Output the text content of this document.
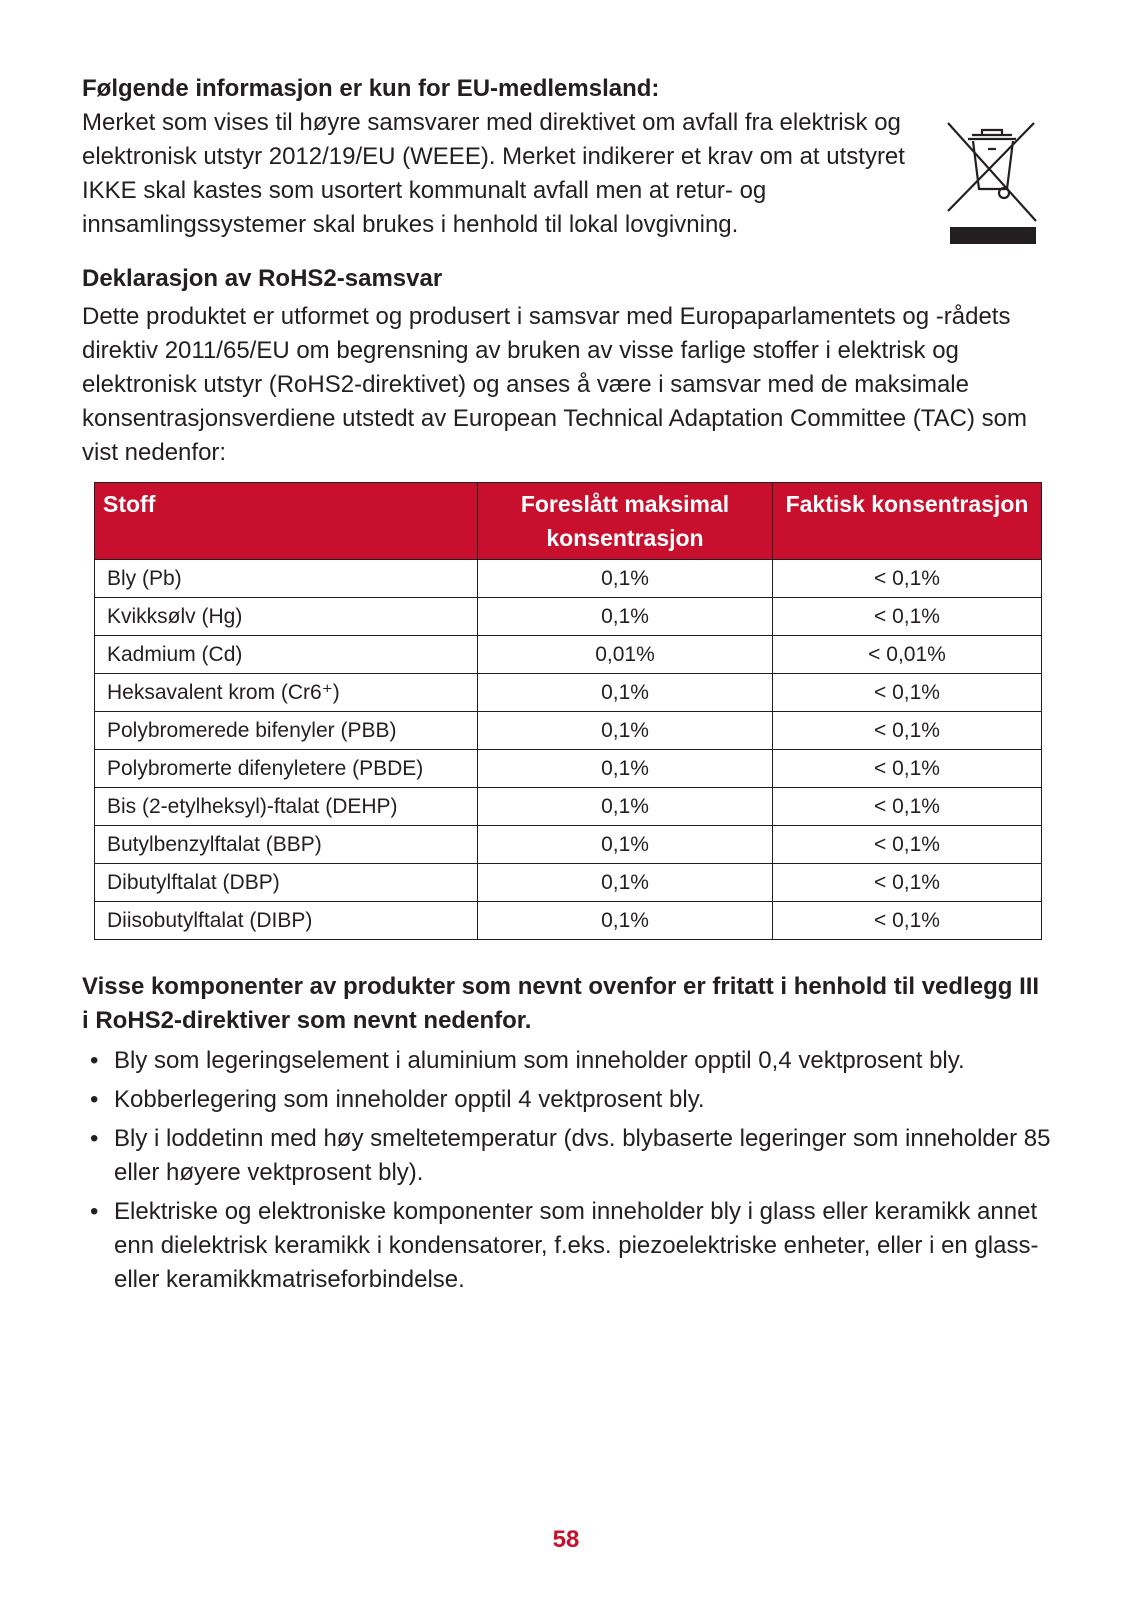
Følgende informasjon er kun for EU-medlemsland:

Merket som vises til høyre samsvarer med direktivet om avfall fra elektrisk og elektronisk utstyr 2012/19/EU (WEEE). Merket indikerer et krav om at utstyret IKKE skal kastes som usortert kommunalt avfall men at retur- og innsamlingssystemer skal brukes i henhold til lokal lovgivning.

Deklarasjon av RoHS2-samsvar

Dette produktet er utformet og produsert i samsvar med Europaparlamentets og -rådets direktiv 2011/65/EU om begrensning av bruken av visse farlige stoffer i elektrisk og elektronisk utstyr (RoHS2-direktivet) og anses å være i samsvar med de maksimale konsentrasjonsverdiene utstedt av European Technical Adaptation Committee (TAC) som vist nedenfor:

Stoff	Foreslått maksimal konsentrasjon	Faktisk konsentrasjon
Bly (Pb)	0,1%	< 0,1%
Kvikksølv (Hg)	0,1%	< 0,1%
Kadmium (Cd)	0,01%	< 0,01%
Heksavalent krom (Cr6⁺)	0,1%	< 0,1%
Polybromerede bifenyler (PBB)	0,1%	< 0,1%
Polybromerte difenyletere (PBDE)	0,1%	< 0,1%
Bis (2-etylheksyl)-ftalat (DEHP)	0,1%	< 0,1%
Butylbenzylftalat (BBP)	0,1%	< 0,1%
Dibutylftalat (DBP)	0,1%	< 0,1%
Diisobutylftalat (DIBP)	0,1%	< 0,1%
Visse komponenter av produkter som nevnt ovenfor er fritatt i henhold til vedlegg III i RoHS2-direktiver som nevnt nedenfor.
• Bly som legeringselement i aluminium som inneholder opptil 0,4 vektprosent bly.
• Kobberlegering som inneholder opptil 4 vektprosent bly.
• Bly i loddetinn med høy smeltetemperatur (dvs. blybaserte legeringer som inneholder 85 eller høyere vektprosent bly).
• Elektriske og elektroniske komponenter som inneholder bly i glass eller keramikk annet enn dielektrisk keramikk i kondensatorer, f.eks. piezoelektriske enheter, eller i en glass- eller keramikkmatriseforbindelse.
58
